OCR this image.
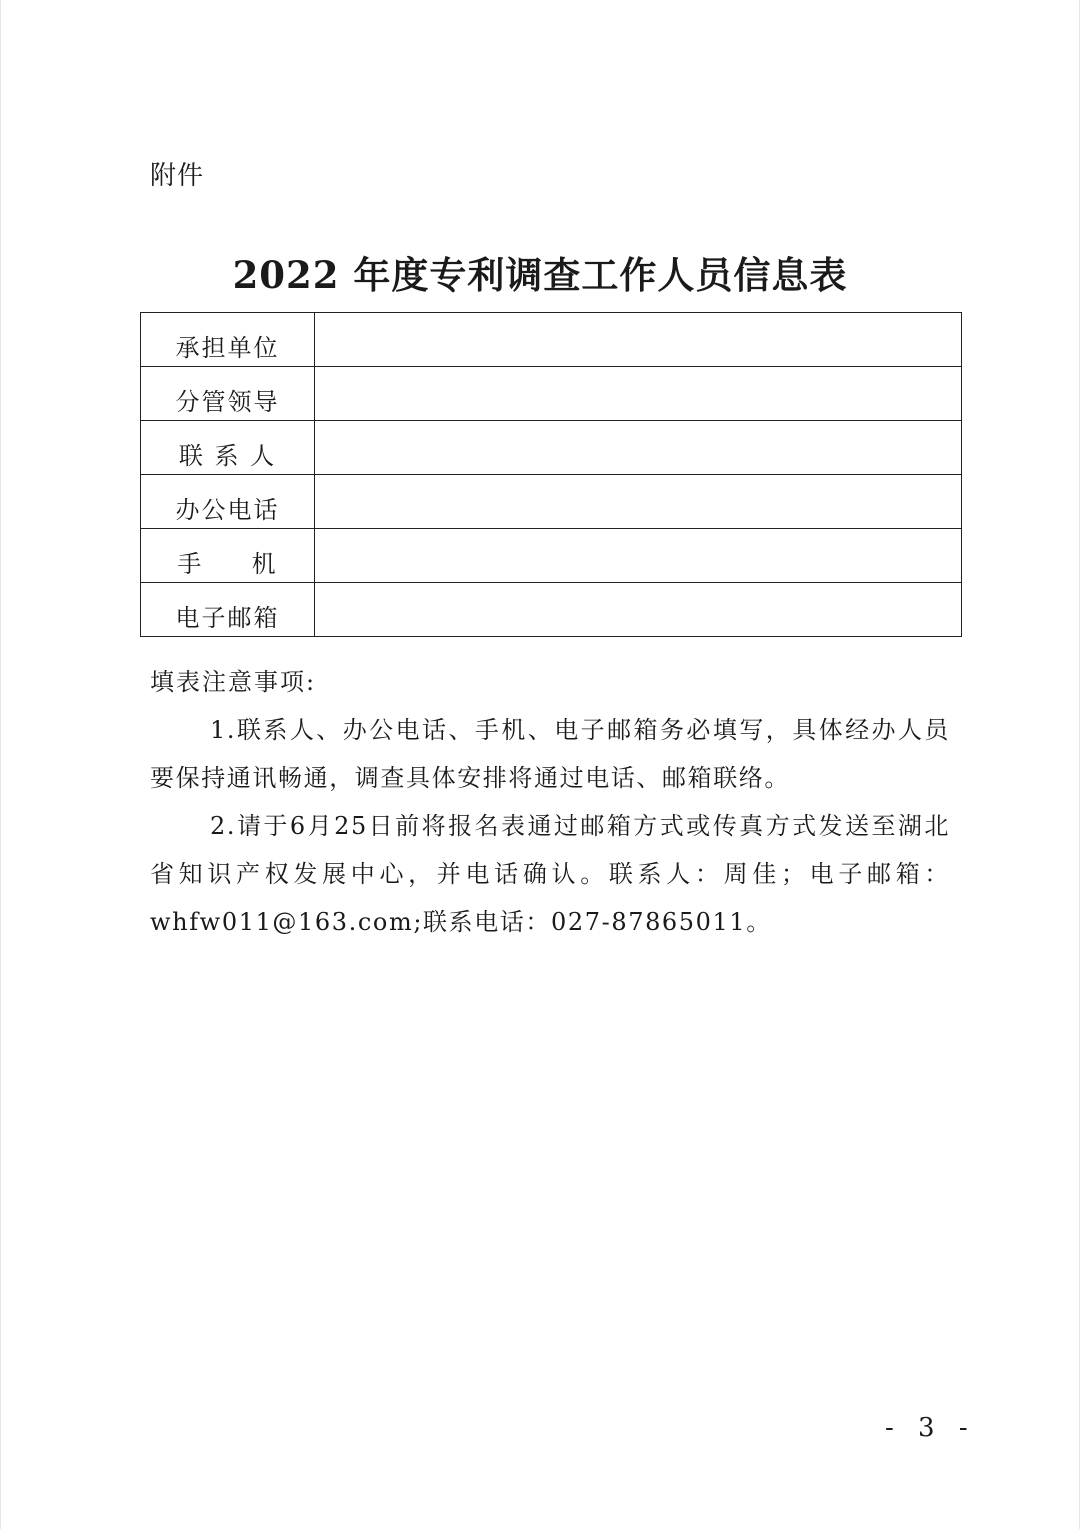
附件
2022 年度专利调查工作人员信息表
承担单位	
分管领导	
联 系 人	
办公电话	
手     机	
电子邮箱	
填表注意事项:
1.联系人、办公电话、手机、电子邮箱务必填写，具体经办人员要保持通讯畅通，调查具体安排将通过电话、邮箱联络。
2.请于6月25日前将报名表通过邮箱方式或传真方式发送至湖北省知识产权发展中心，并电话确认。联系人：周佳；电子邮箱：whfw011@163.com;联系电话：027-87865011。
- 3 -
